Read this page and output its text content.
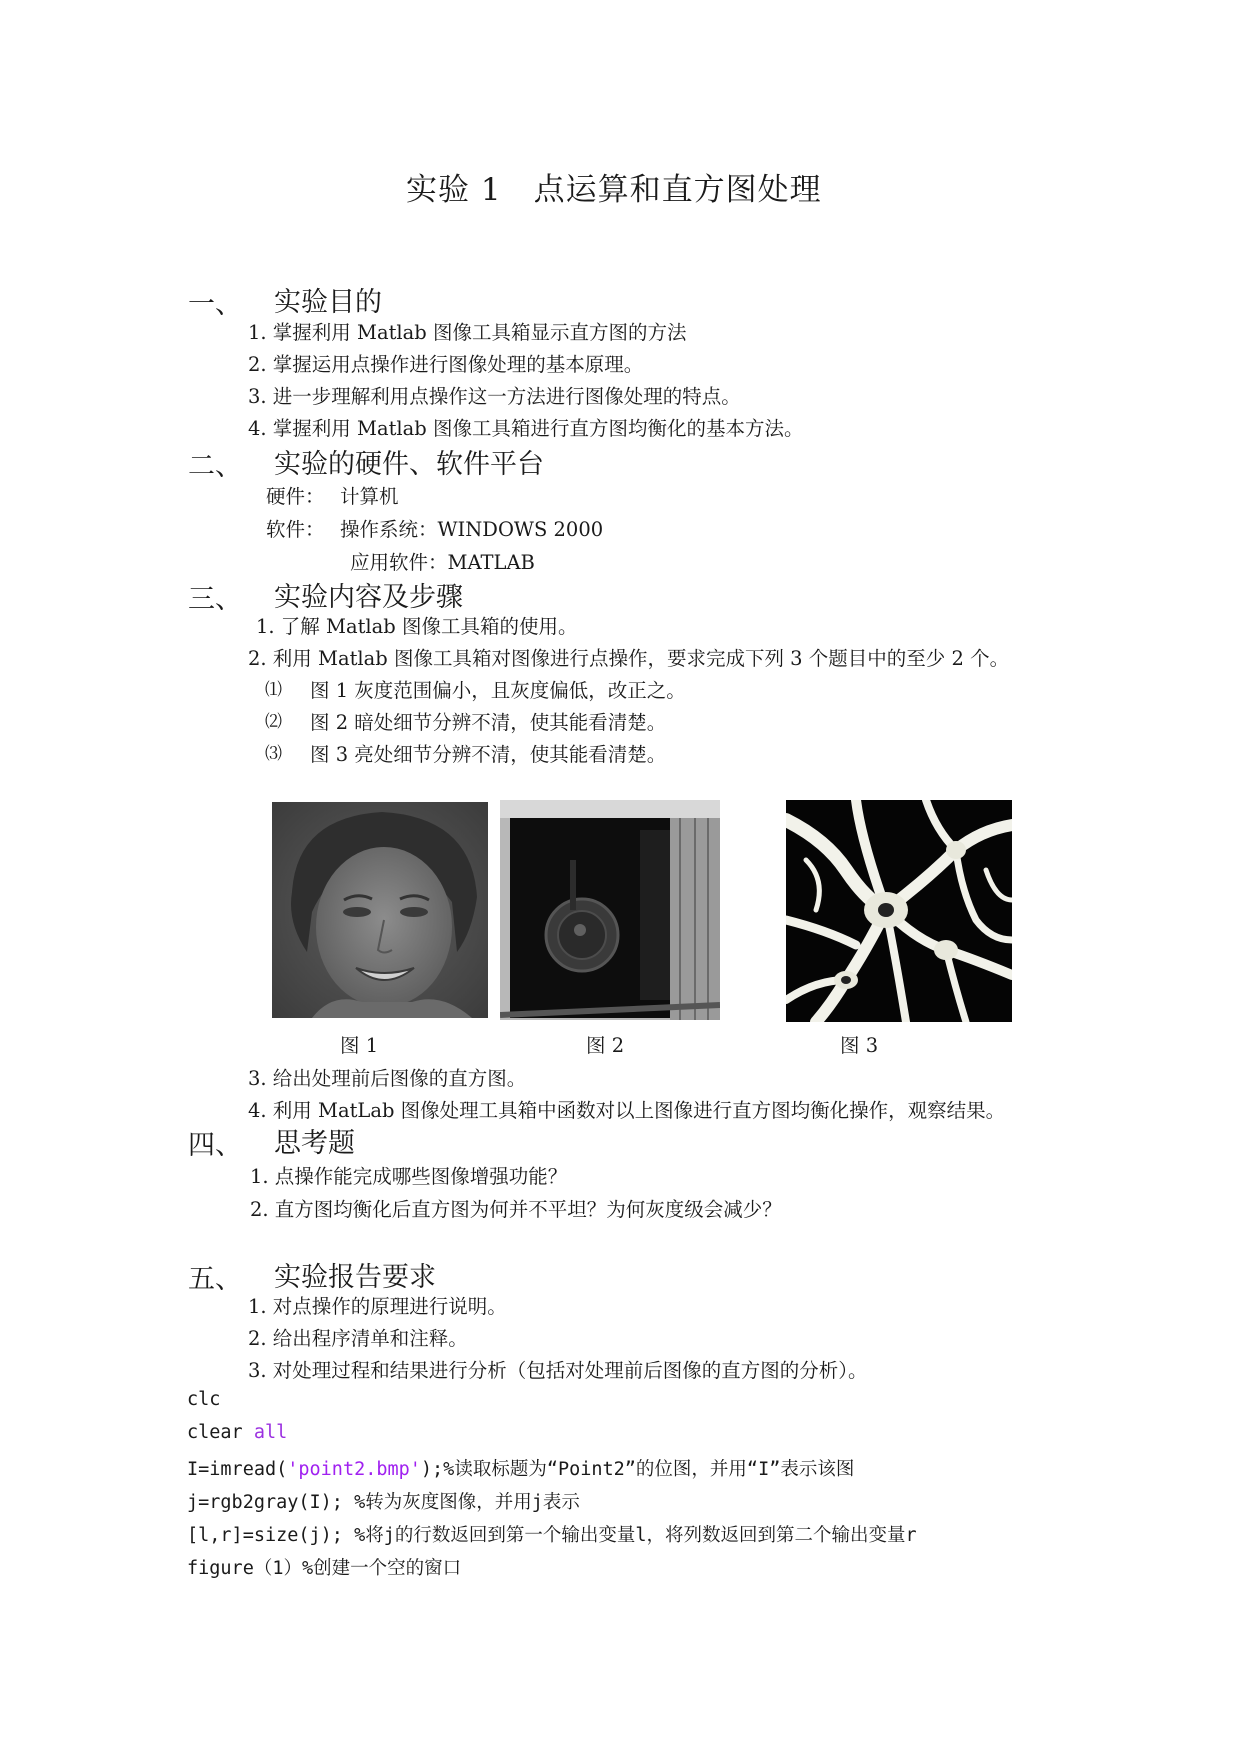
实验 1　点运算和直方图处理
一、 实验目的
1. 掌握利用 Matlab 图像工具箱显示直方图的方法
2. 掌握运用点操作进行图像处理的基本原理。
3. 进一步理解利用点操作这一方法进行图像处理的特点。
4. 掌握利用 Matlab 图像工具箱进行直方图均衡化的基本方法。
二、 实验的硬件、软件平台
硬件： 计算机
软件： 操作系统：WINDOWS 2000
应用软件：MATLAB
三、 实验内容及步骤
1. 了解 Matlab 图像工具箱的使用。
2. 利用 Matlab 图像工具箱对图像进行点操作，要求完成下列 3 个题目中的至少 2 个。
⑴ 图 1 灰度范围偏小，且灰度偏低，改正之。
⑵ 图 2 暗处细节分辨不清，使其能看清楚。
⑶ 图 3 亮处细节分辨不清，使其能看清楚。
图 1	图 2	图 3
3. 给出处理前后图像的直方图。
4. 利用 MatLab 图像处理工具箱中函数对以上图像进行直方图均衡化操作，观察结果。
四、 思考题
1. 点操作能完成哪些图像增强功能？
2. 直方图均衡化后直方图为何并不平坦？为何灰度级会减少？
五、 实验报告要求
1. 对点操作的原理进行说明。
2. 给出程序清单和注释。
3. 对处理过程和结果进行分析（包括对处理前后图像的直方图的分析）。
clc
clear all
I=imread('point2.bmp');%读取标题为“Point2”的位图，并用“I”表示该图
j=rgb2gray(I); %转为灰度图像，并用j表示
[l,r]=size(j); %将j的行数返回到第一个输出变量l，将列数返回到第二个输出变量r
figure（1）%创建一个空的窗口
